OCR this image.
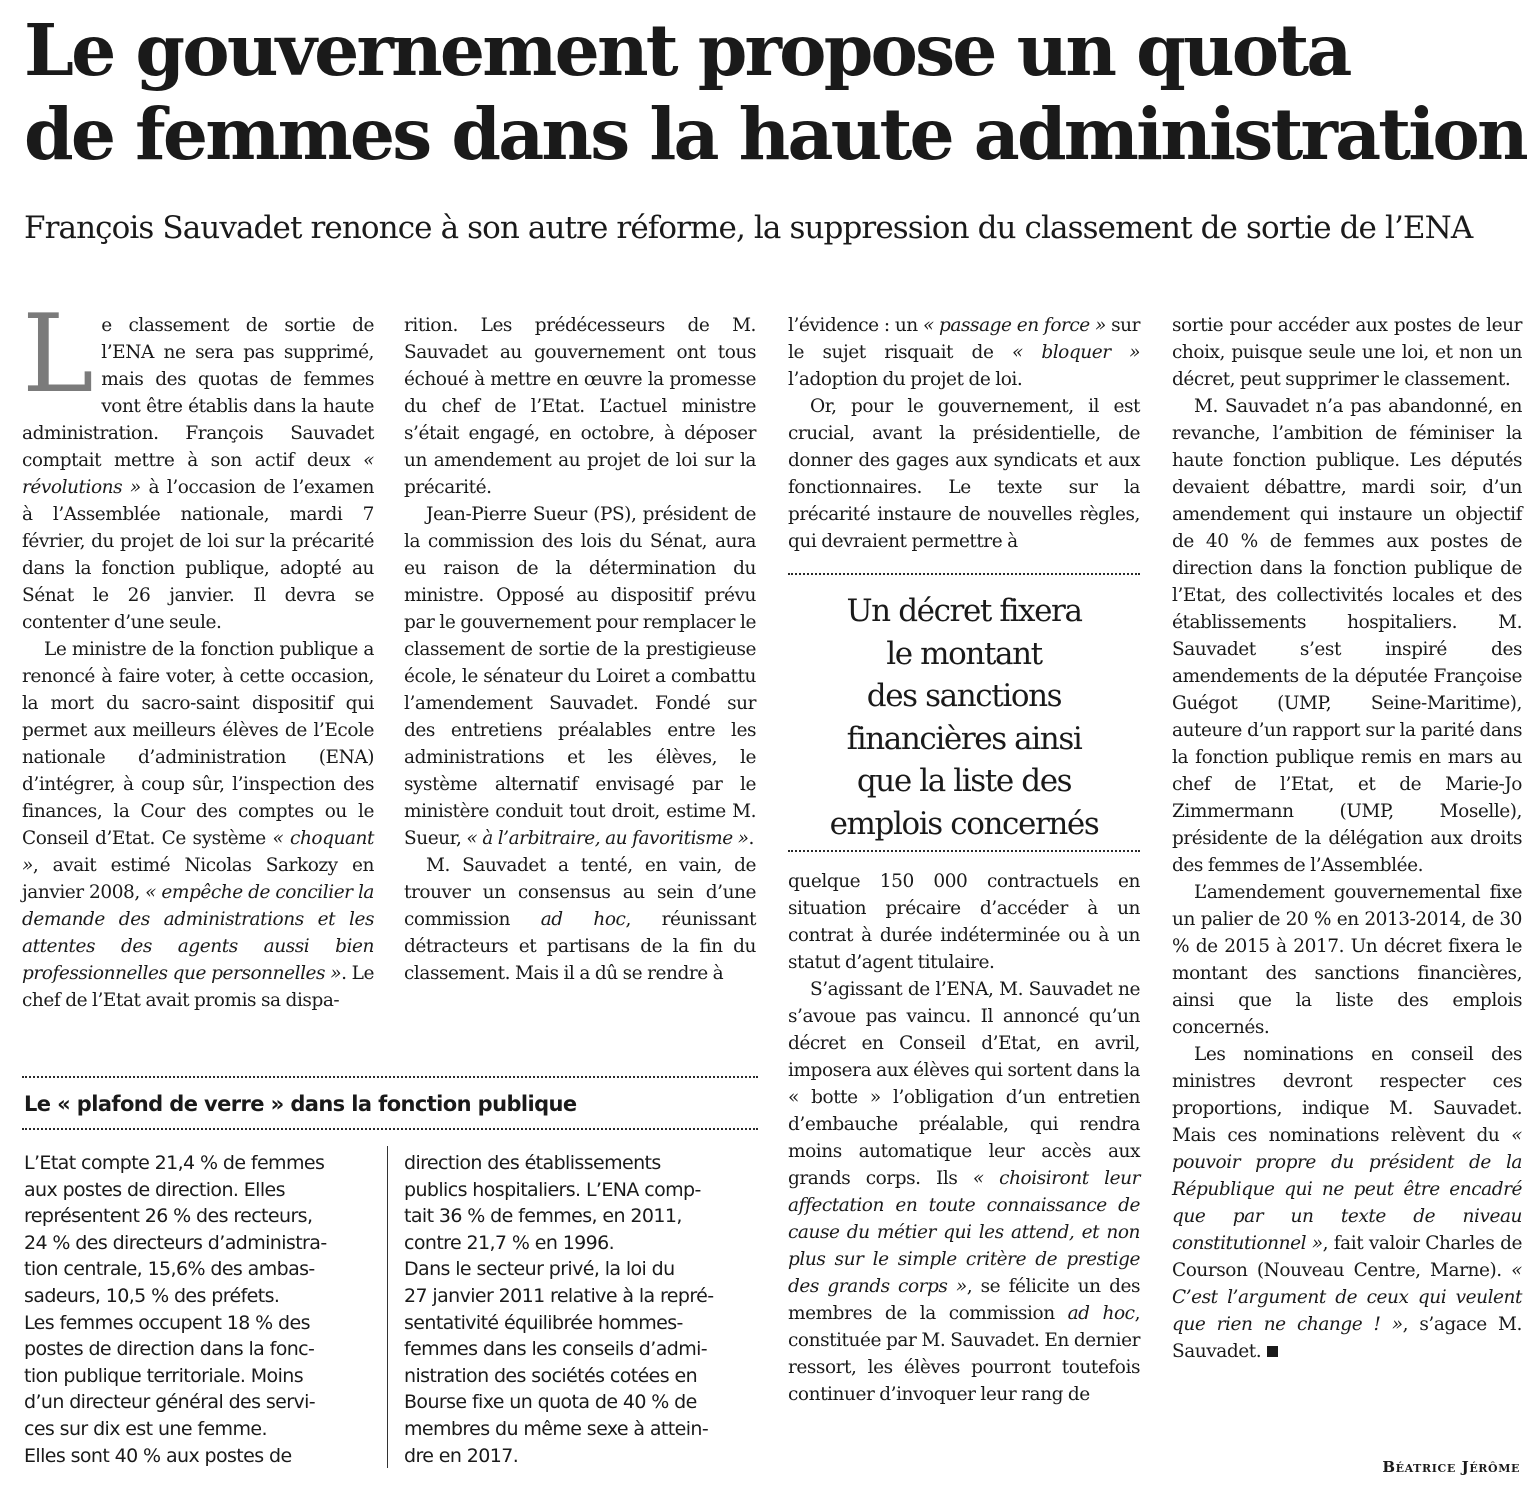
Le gouvernement propose un quota
de femmes dans la haute administration
François Sauvadet renonce à son autre réforme, la suppression du classement de sortie de l’ENA

Le classement de sortie de l’ENA ne sera pas supprimé, mais des quotas de femmes vont être établis dans la haute administration. François Sauvadet comptait mettre à son actif deux « révolutions » à l’occasion de l’examen à l’Assemblée nationale, mardi 7 février, du projet de loi sur la précarité dans la fonction publique, adopté au Sénat le 26 janvier. Il devra se contenter d’une seule.

Le ministre de la fonction publique a renoncé à faire voter, à cette occasion, la mort du sacro-saint dispositif qui permet aux meilleurs élèves de l’Ecole nationale d’administration (ENA) d’intégrer, à coup sûr, l’inspection des finances, la Cour des comptes ou le Conseil d’Etat. Ce système « choquant », avait estimé Nicolas Sarkozy en janvier 2008, « empêche de concilier la demande des administrations et les attentes des agents aussi bien professionnelles que personnelles ». Le chef de l’Etat avait promis sa dispa-

rition. Les prédécesseurs de M. Sauvadet au gouvernement ont tous échoué à mettre en œuvre la promesse du chef de l’Etat. L’actuel ministre s’était engagé, en octobre, à déposer un amendement au projet de loi sur la précarité.

Jean-Pierre Sueur (PS), président de la commission des lois du Sénat, aura eu raison de la détermination du ministre. Opposé au dispositif prévu par le gouvernement pour remplacer le classement de sortie de la prestigieuse école, le sénateur du Loiret a combattu l’amendement Sauvadet. Fondé sur des entretiens préalables entre les administrations et les élèves, le système alternatif envisagé par le ministère conduit tout droit, estime M. Sueur, « à l’arbitraire, au favoritisme ».

M. Sauvadet a tenté, en vain, de trouver un consensus au sein d’une commission ad hoc, réunissant détracteurs et partisans de la fin du classement. Mais il a dû se rendre à

l’évidence : un « passage en force » sur le sujet risquait de « bloquer » l’adoption du projet de loi.

Or, pour le gouvernement, il est crucial, avant la présidentielle, de donner des gages aux syndicats et aux fonctionnaires. Le texte sur la précarité instaure de nouvelles règles, qui devraient permettre à

Un décret fixera
le montant
des sanctions
financières ainsi
que la liste des
emplois concernés

quelque 150 000 contractuels en situation précaire d’accéder à un contrat à durée indéterminée ou à un statut d’agent titulaire.

S’agissant de l’ENA, M. Sauvadet ne s’avoue pas vaincu. Il annoncé qu’un décret en Conseil d’Etat, en avril, imposera aux élèves qui sortent dans la « botte » l’obligation d’un entretien d’embauche préalable, qui rendra moins automatique leur accès aux grands corps. Ils « choisiront leur affectation en toute connaissance de cause du métier qui les attend, et non plus sur le simple critère de prestige des grands corps », se félicite un des membres de la commission ad hoc, constituée par M. Sauvadet. En dernier ressort, les élèves pourront toutefois continuer d’invoquer leur rang de

sortie pour accéder aux postes de leur choix, puisque seule une loi, et non un décret, peut supprimer le classement.

M. Sauvadet n’a pas abandonné, en revanche, l’ambition de féminiser la haute fonction publique. Les députés devaient débattre, mardi soir, d’un amendement qui instaure un objectif de 40 % de femmes aux postes de direction dans la fonction publique de l’Etat, des collectivités locales et des établissements hospitaliers. M. Sauvadet s’est inspiré des amendements de la députée Françoise Guégot (UMP, Seine-Maritime), auteure d’un rapport sur la parité dans la fonction publique remis en mars au chef de l’Etat, et de Marie-Jo Zimmermann (UMP, Moselle), présidente de la délégation aux droits des femmes de l’Assemblée.

L’amendement gouvernemental fixe un palier de 20 % en 2013-2014, de 30 % de 2015 à 2017. Un décret fixera le montant des sanctions financières, ainsi que la liste des emplois concernés.

Les nominations en conseil des ministres devront respecter ces proportions, indique M. Sauvadet. Mais ces nominations relèvent du « pouvoir propre du président de la République qui ne peut être encadré que par un texte de niveau constitutionnel », fait valoir Charles de Courson (Nouveau Centre, Marne). « C’est l’argument de ceux qui veulent que rien ne change ! », s’agace M. Sauvadet.

Le « plafond de verre » dans la fonction publique
L’Etat compte 21,4 % de femmes
aux postes de direction. Elles
représentent 26 % des recteurs,
24 % des directeurs d’administra-
tion centrale, 15,6% des ambas-
sadeurs, 10,5 % des préfets.
Les femmes occupent 18 % des
postes de direction dans la fonc-
tion publique territoriale. Moins
d’un directeur général des servi-
ces sur dix est une femme.
Elles sont 40 % aux postes de
direction des établissements
publics hospitaliers. L’ENA comp-
tait 36 % de femmes, en 2011,
contre 21,7 % en 1996.
Dans le secteur privé, la loi du
27 janvier 2011 relative à la repré-
sentativité équilibrée hommes-
femmes dans les conseils d’admi-
nistration des sociétés cotées en
Bourse fixe un quota de 40 % de
membres du même sexe à attein-
dre en 2017.
Béatrice Jérôme
